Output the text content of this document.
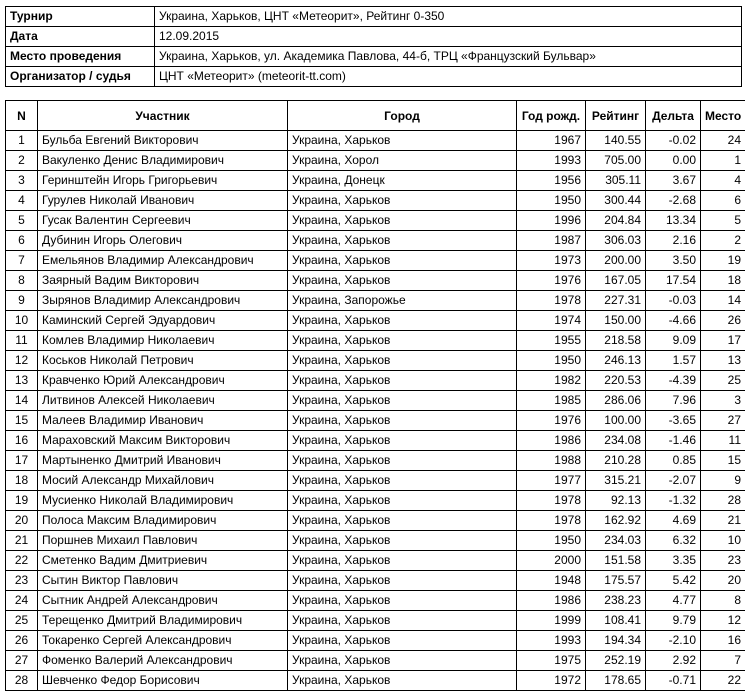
Турнир	Украина, Харьков, ЦНТ «Метеорит», Рейтинг 0-350
Дата	12.09.2015
Место проведения	Украина, Харьков, ул. Академика Павлова, 44-б, ТРЦ «Французский Бульвар»
Организатор / судья	ЦНТ «Метеорит» (meteorit-tt.com)
N	Участник	Город	Год рожд.	Рейтинг	Дельта	Место
1	Бульба Евгений Викторович	Украина, Харьков	1967	140.55	-0.02	24
2	Вакуленко Денис Владимирович	Украина, Хорол	1993	705.00	0.00	1
3	Геринштейн Игорь Григорьевич	Украина, Донецк	1956	305.11	3.67	4
4	Гурулев Николай Иванович	Украина, Харьков	1950	300.44	-2.68	6
5	Гусак Валентин Сергеевич	Украина, Харьков	1996	204.84	13.34	5
6	Дубинин Игорь Олегович	Украина, Харьков	1987	306.03	2.16	2
7	Емельянов Владимир Александрович	Украина, Харьков	1973	200.00	3.50	19
8	Заярный Вадим Викторович	Украина, Харьков	1976	167.05	17.54	18
9	Зырянов Владимир Александрович	Украина, Запорожье	1978	227.31	-0.03	14
10	Каминский Сергей Эдуардович	Украина, Харьков	1974	150.00	-4.66	26
11	Комлев Владимир Николаевич	Украина, Харьков	1955	218.58	9.09	17
12	Коськов Николай Петрович	Украина, Харьков	1950	246.13	1.57	13
13	Кравченко Юрий Александрович	Украина, Харьков	1982	220.53	-4.39	25
14	Литвинов Алексей Николаевич	Украина, Харьков	1985	286.06	7.96	3
15	Малеев Владимир Иванович	Украина, Харьков	1976	100.00	-3.65	27
16	Мараховский Максим Викторович	Украина, Харьков	1986	234.08	-1.46	11
17	Мартыненко Дмитрий Иванович	Украина, Харьков	1988	210.28	0.85	15
18	Мосий Александр Михайлович	Украина, Харьков	1977	315.21	-2.07	9
19	Мусиенко Николай Владимирович	Украина, Харьков	1978	92.13	-1.32	28
20	Полоса Максим Владимирович	Украина, Харьков	1978	162.92	4.69	21
21	Поршнев Михаил Павлович	Украина, Харьков	1950	234.03	6.32	10
22	Сметенко Вадим Дмитриевич	Украина, Харьков	2000	151.58	3.35	23
23	Сытин Виктор Павлович	Украина, Харьков	1948	175.57	5.42	20
24	Сытник Андрей Александрович	Украина, Харьков	1986	238.23	4.77	8
25	Терещенко Дмитрий Владимирович	Украина, Харьков	1999	108.41	9.79	12
26	Токаренко Сергей Александрович	Украина, Харьков	1993	194.34	-2.10	16
27	Фоменко Валерий Александрович	Украина, Харьков	1975	252.19	2.92	7
28	Шевченко Федор Борисович	Украина, Харьков	1972	178.65	-0.71	22
